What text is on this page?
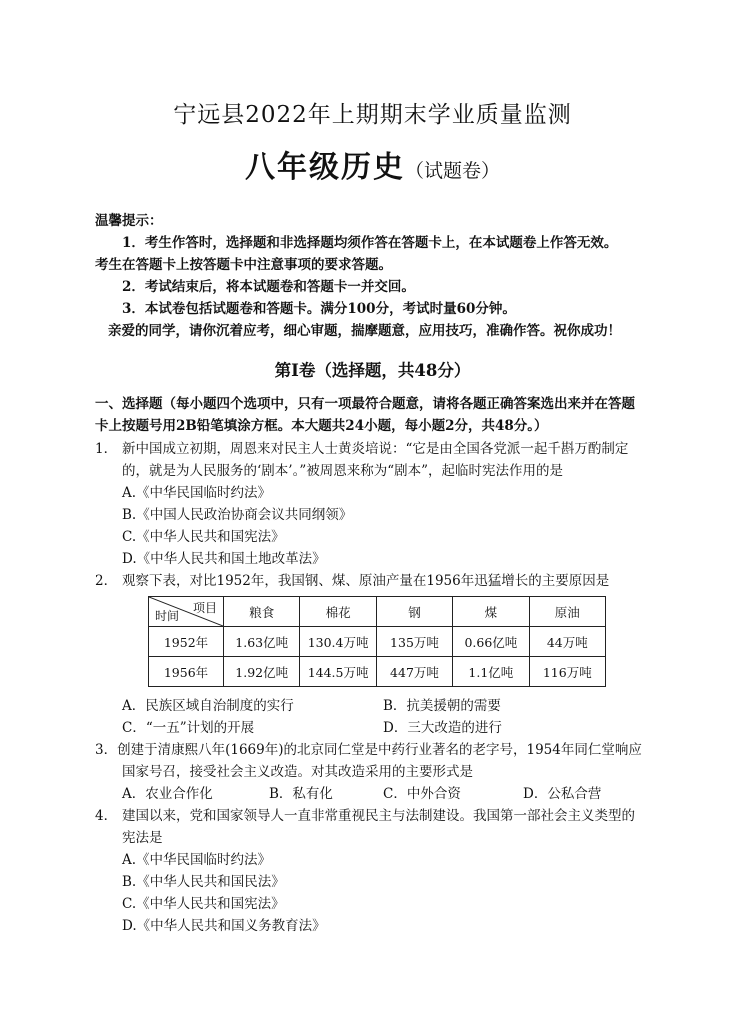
宁远县2022年上期期末学业质量监测
八年级历史（试题卷）
温馨提示：
1．考生作答时，选择题和非选择题均须作答在答题卡上，在本试题卷上作答无效。
考生在答题卡上按答题卡中注意事项的要求答题。
2．考试结束后，将本试题卷和答题卡一并交回。
3．本试卷包括试题卷和答题卡。满分100分，考试时量60分钟。
亲爱的同学，请你沉着应考，细心审题，揣摩题意，应用技巧，准确作答。祝你成功！
第Ⅰ卷（选择题，共48分）
一、选择题（每小题四个选项中，只有一项最符合题意，请将各题正确答案选出来并在答题
卡上按题号用2B铅笔填涂方框。本大题共24小题，每小题2分，共48分。）
1． 新中国成立初期，周恩来对民主人士黄炎培说：“它是由全国各党派一起千斟万酌制定
的，就是为人民服务的‘剧本’。”被周恩来称为“剧本”，起临时宪法作用的是
A.《中华民国临时约法》
B.《中国人民政治协商会议共同纲领》
C.《中华人民共和国宪法》
D.《中华人民共和国土地改革法》
2． 观察下表，对比1952年，我国钢、煤、原油产量在1956年迅猛增长的主要原因是
项目
时间	粮食	棉花	钢	煤	原油
1952年	1.63亿吨	130.4万吨	135万吨	0.66亿吨	44万吨
1956年	1.92亿吨	144.5万吨	447万吨	1.1亿吨	116万吨
A．民族区域自治制度的实行	B．抗美援朝的需要
C．“一五”计划的开展	D．三大改造的进行
3．创建于清康熙八年(1669年)的北京同仁堂是中药行业著名的老字号，1954年同仁堂响应
国家号召，接受社会主义改造。对其改造采用的主要形式是
A．农业合作化	B．私有化	C．中外合资	D．公私合营
4． 建国以来，党和国家领导人一直非常重视民主与法制建设。我国第一部社会主义类型的
宪法是
A.《中华民国临时约法》
B.《中华人民共和国民法》
C.《中华人民共和国宪法》
D.《中华人民共和国义务教育法》
